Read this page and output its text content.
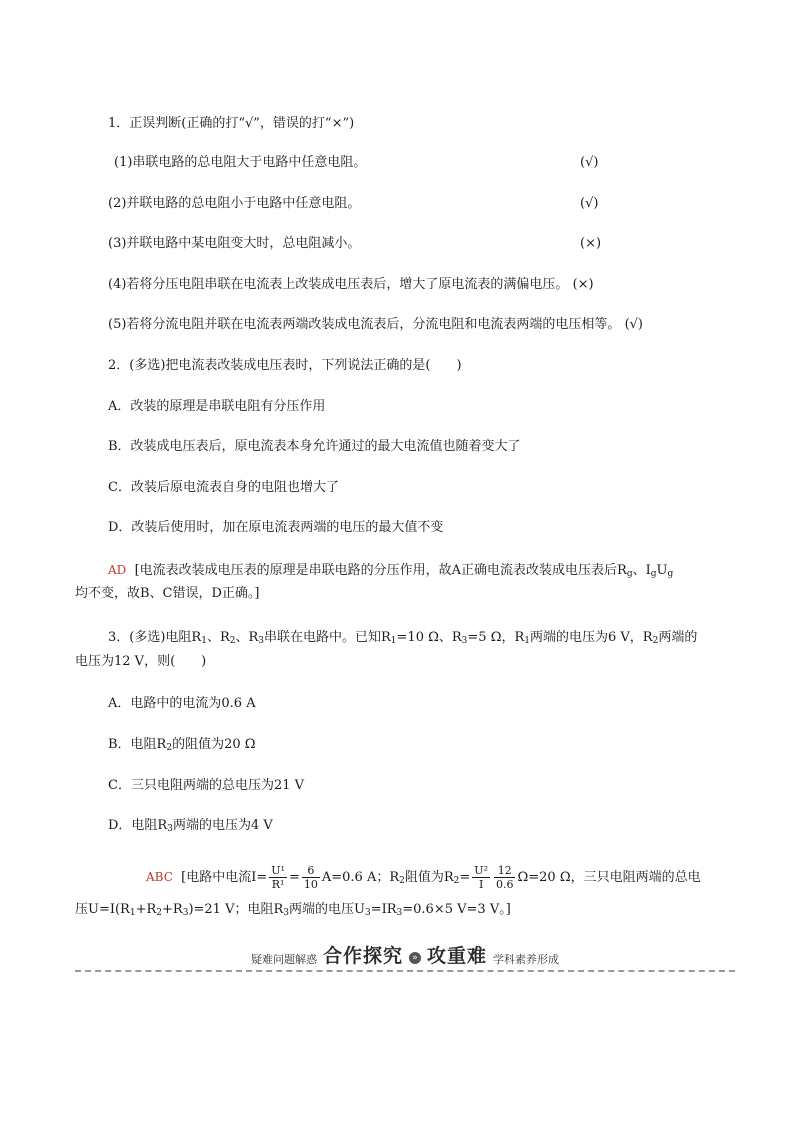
1．正误判断(正确的打“√”，错误的打“×”)
(1)串联电路的总电阻大于电路中任意电阻。	(√)
(2)并联电路的总电阻小于电路中任意电阻。	(√)
(3)并联电路中某电阻变大时，总电阻减小。	(×)
(4)若将分压电阻串联在电流表上改装成电压表后，增大了原电流表的满偏电压。 (×)
(5)若将分流电阻并联在电流表两端改装成电流表后，分流电阻和电流表两端的电压相等。 (√)
2．(多选)把电流表改装成电压表时，下列说法正确的是(　　)
A．改装的原理是串联电阻有分压作用
B．改装成电压表后，原电流表本身允许通过的最大电流值也随着变大了
C．改装后原电流表自身的电阻也增大了
D．改装后使用时，加在原电流表两端的电压的最大值不变
AD [电流表改装成电压表的原理是串联电路的分压作用，故A正确电流表改装成电压表后$R_g$、$I_gU_g$
均不变，故B、C错误，D正确。]
3．(多选)电阻$R_1$、$R_2$、$R_3$串联在电路中。已知$R_1=10$ Ω、$R_3=5$ Ω，$R_1$两端的电压为6 V，$R_2$两端的
电压为12 V，则(　　)
A．电路中的电流为0.6 A
B．电阻$R_2$的阻值为20 Ω
C．三只电阻两端的总电压为21 V
D．电阻$R_3$两端的电压为4 V
ABC [电路中电流$I= \frac{\text{U¹}}{\text{R¹}} = \frac{6}{10} A=0.6$ A；$R_2$阻值为$R_2= \frac{\text{U²}}{I} \frac{12}{0.6} \Omega=20$ Ω，三只电阻两端的总电
压$U=I(R_1+R_2+R_3)=21$ V；电阻$R_3$两端的电压$U_3=IR_3=0.6\times 5$ V=3 V。]
疑难问题解惑 合作探究	» 攻重难 学科素养形成
